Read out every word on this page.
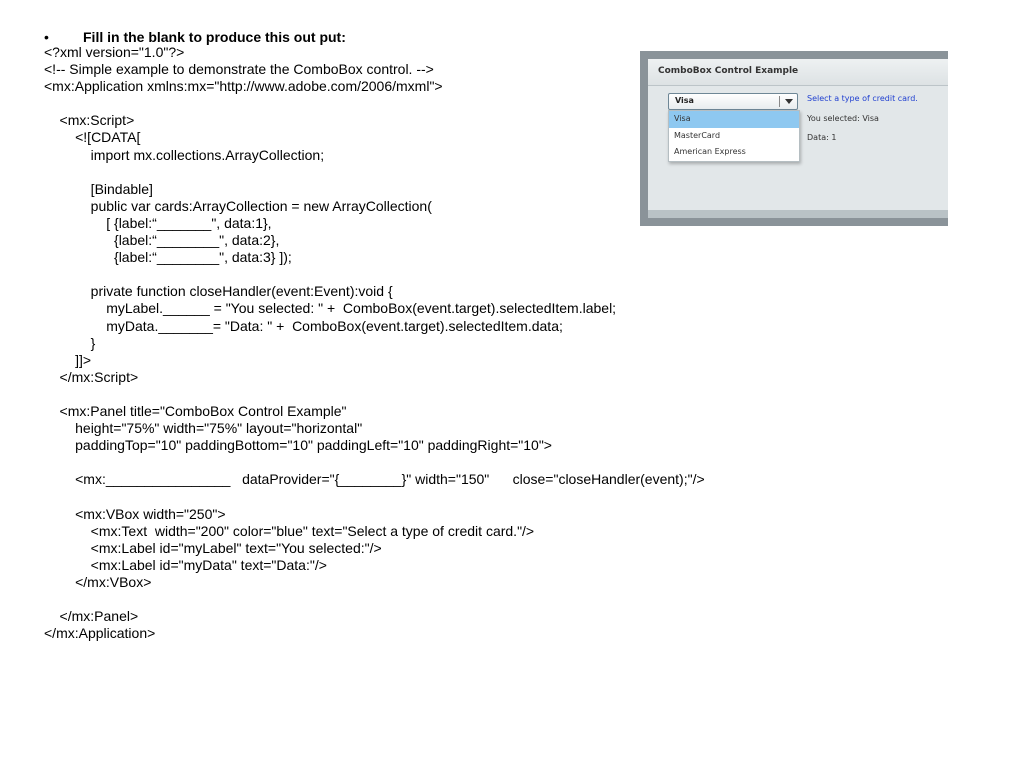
• Fill in the blank to produce this out put:
<?xml version="1.0"?>
<!-- Simple example to demonstrate the ComboBox control. -->
<mx:Application xmlns:mx="http://www.adobe.com/2006/mxml">
<mx:Script>
<![CDATA[
import mx.collections.ArrayCollection;
[Bindable]
public var cards:ArrayCollection = new ArrayCollection(
[ {label:“_______", data:1},
{label:“________", data:2},
{label:“________", data:3} ]);
private function closeHandler(event:Event):void {
myLabel.______ = "You selected: " +  ComboBox(event.target).selectedItem.label;
myData._______= "Data: " +  ComboBox(event.target).selectedItem.data;
}
]]>
</mx:Script>
<mx:Panel title="ComboBox Control Example"
height="75%" width="75%" layout="horizontal"
paddingTop="10" paddingBottom="10" paddingLeft="10" paddingRight="10">
<mx:________________   dataProvider="{________}" width="150"      close="closeHandler(event);"/>
<mx:VBox width="250">
<mx:Text  width="200" color="blue" text="Select a type of credit card."/>
<mx:Label id="myLabel" text="You selected:"/>
<mx:Label id="myData" text="Data:"/>
</mx:VBox>
</mx:Panel>
</mx:Application>
ComboBox Control Example
Visa
Visa
MasterCard
American Express
Select a type of credit card.
You selected: Visa
Data: 1
